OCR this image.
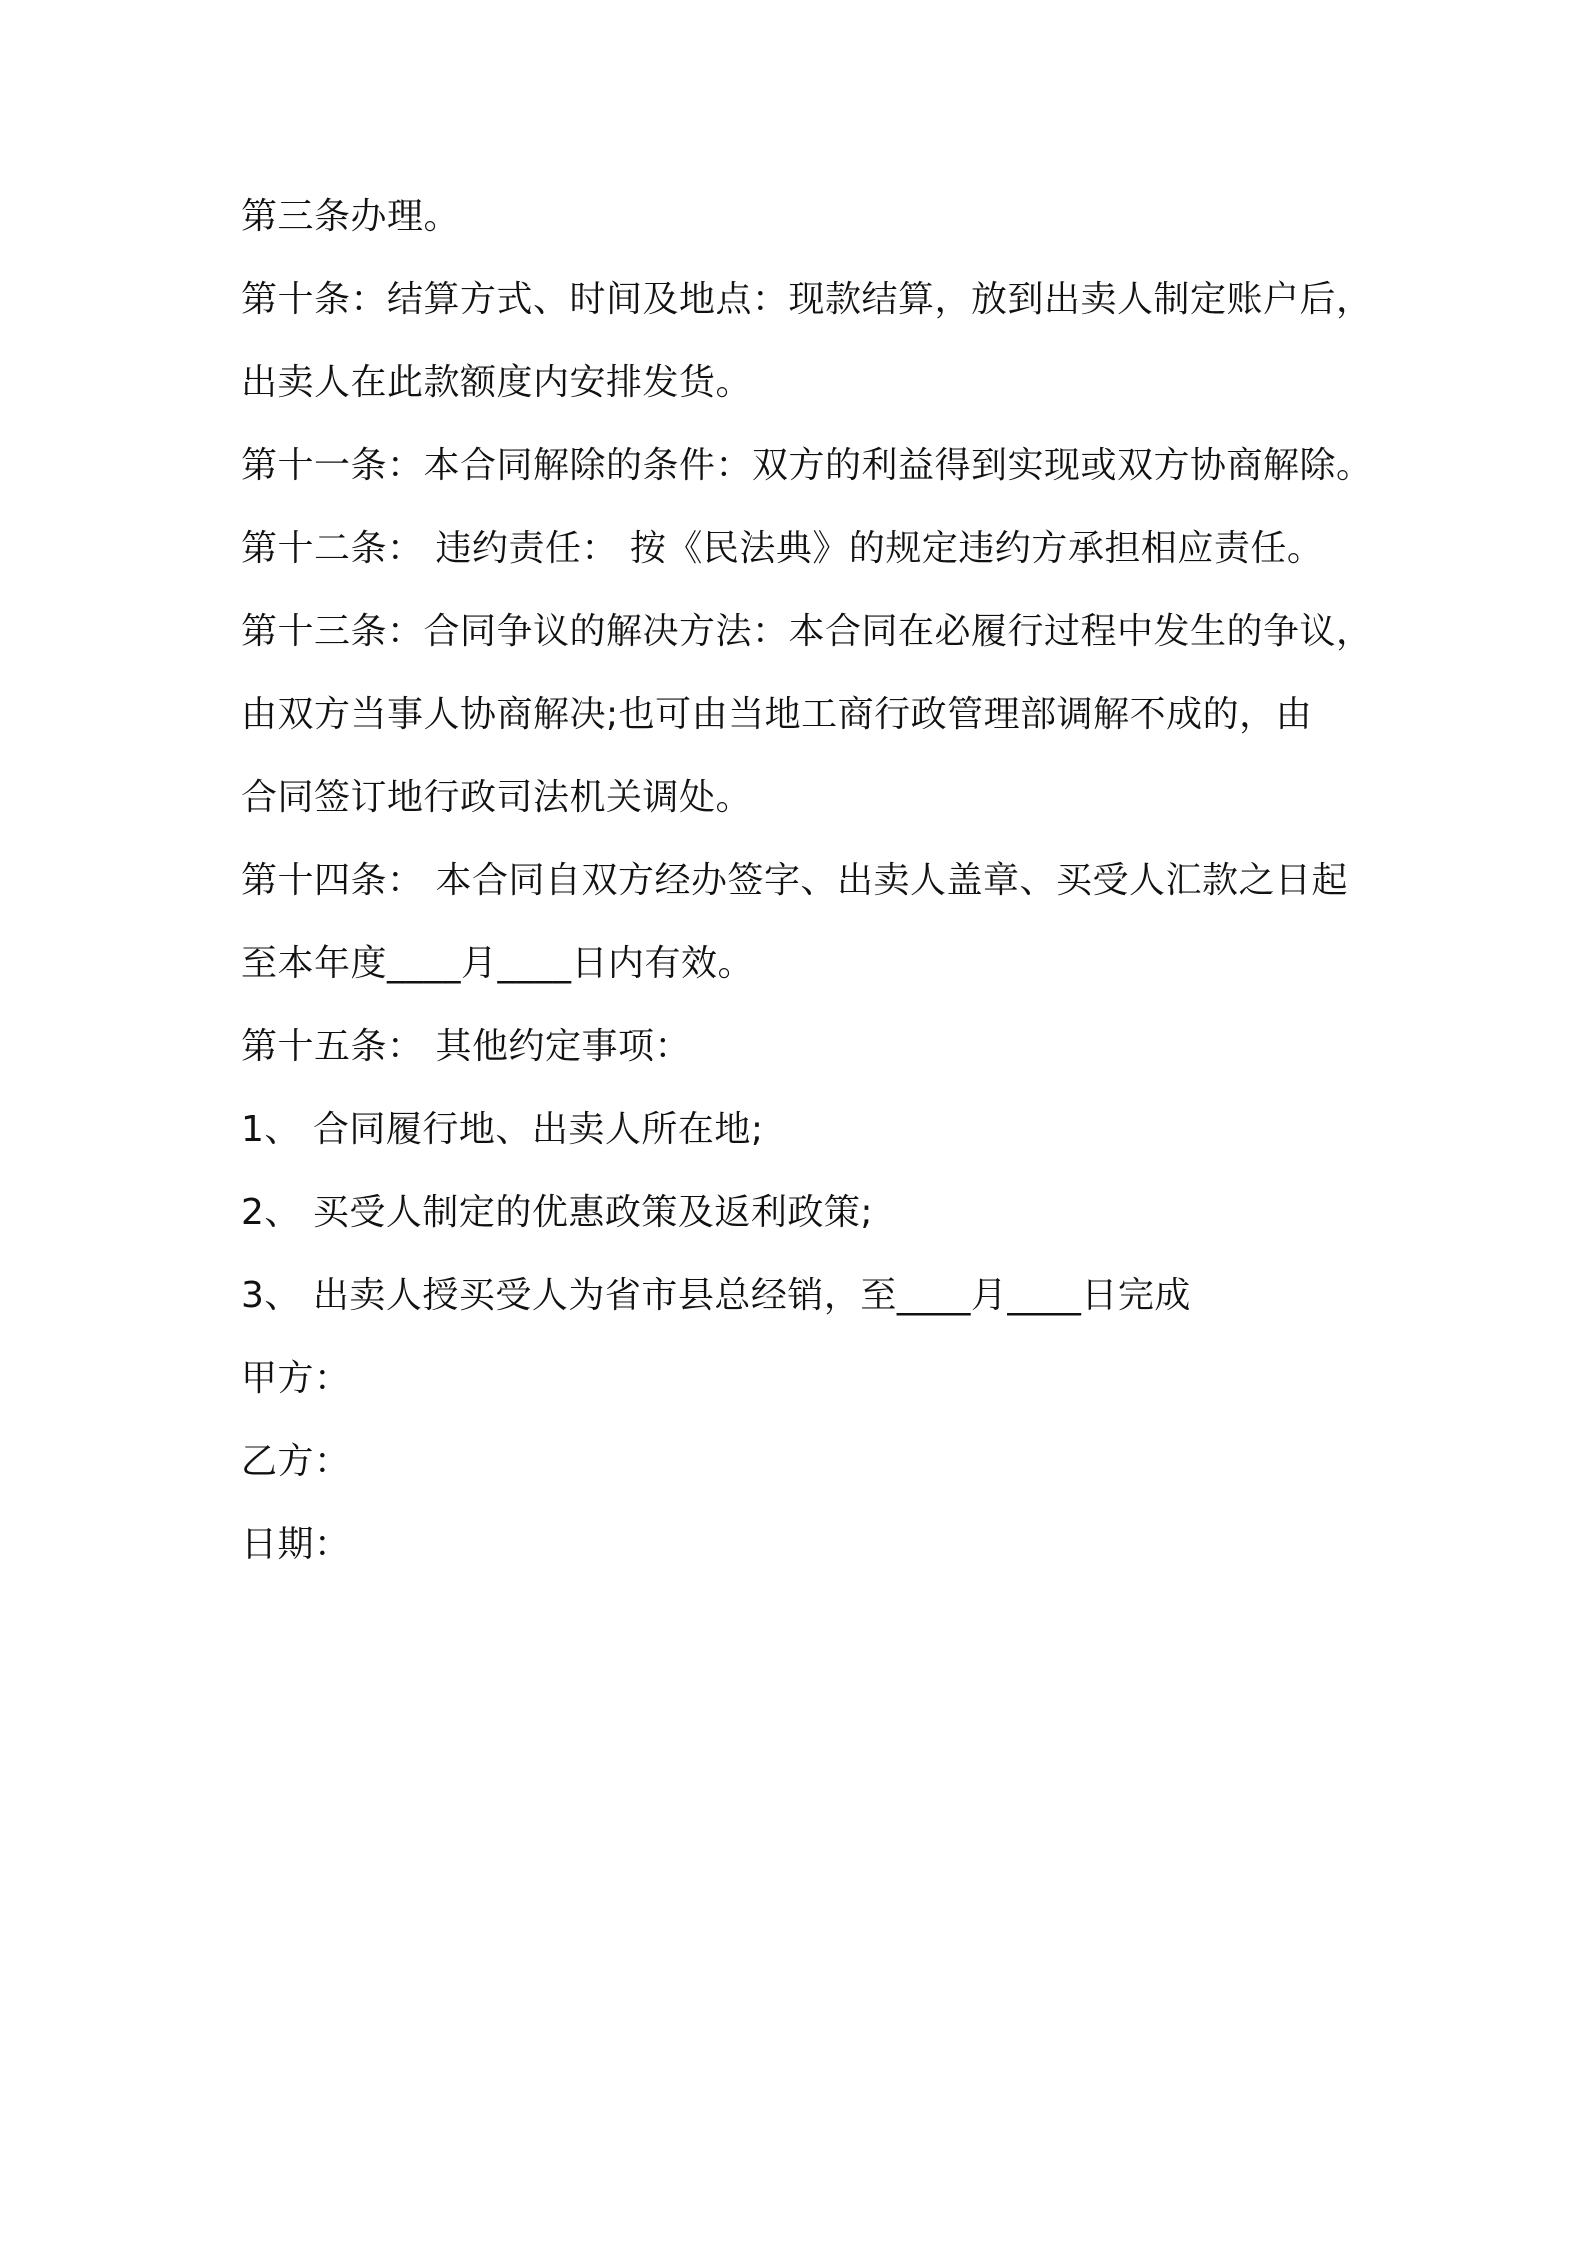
第三条办理。
第十条：结算方式、时间及地点：现款结算，放到出卖人制定账户后，
出卖人在此款额度内安排发货。
第十一条：本合同解除的条件：双方的利益得到实现或双方协商解除。
第十二条： 违约责任： 按《民法典》的规定违约方承担相应责任。
第十三条：合同争议的解决方法：本合同在必履行过程中发生的争议，
由双方当事人协商解决;也可由当地工商行政管理部调解不成的，由
合同签订地行政司法机关调处。
第十四条： 本合同自双方经办签字、出卖人盖章、买受人汇款之日起
至本年度____月____日内有效。
第十五条： 其他约定事项：
1、 合同履行地、出卖人所在地;
2、 买受人制定的优惠政策及返利政策;
3、 出卖人授买受人为省市县总经销，至____月____日完成
甲方：
乙方：
日期：
